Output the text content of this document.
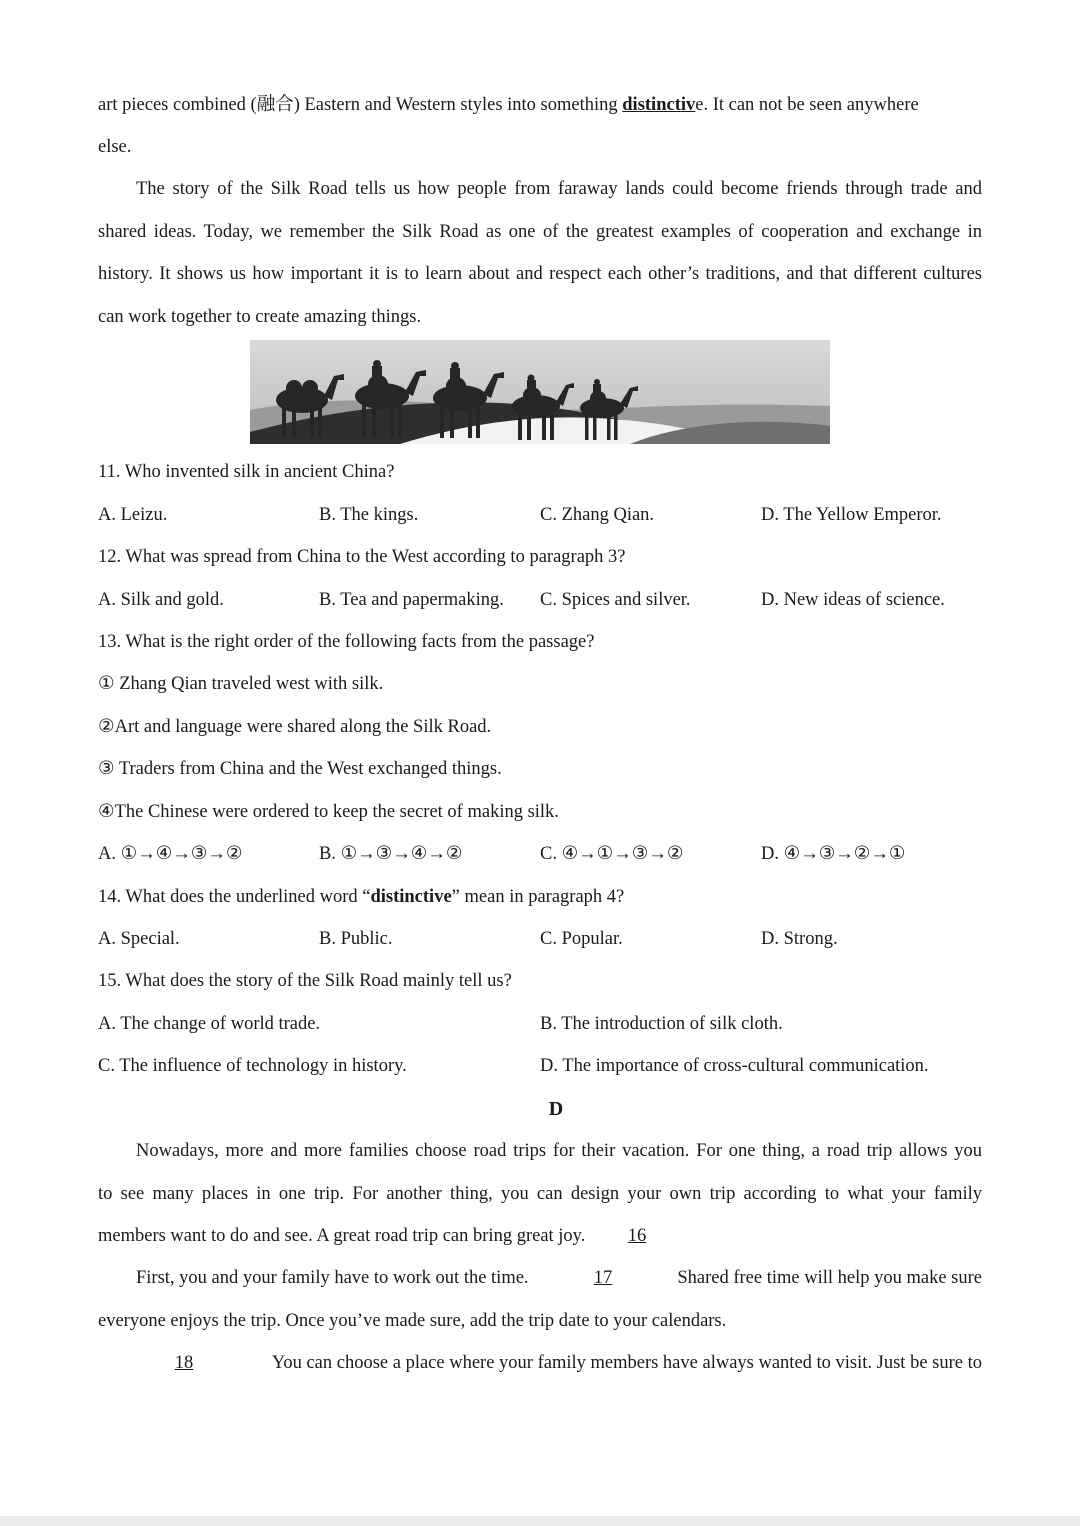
art pieces combined (融合) Eastern and Western styles into something distinctive. It can not be seen anywhere
else.
The story of the Silk Road tells us how people from faraway lands could become friends through trade and
shared ideas. Today, we remember the Silk Road as one of the greatest examples of cooperation and exchange in
history. It shows us how important it is to learn about and respect each other’s traditions, and that different cultures
can work together to create amazing things.
11. Who invented silk in ancient China?
A. Leizu.	B. The kings.	C. Zhang Qian.	D. The Yellow Emperor.
12. What was spread from China to the West according to paragraph 3?
A. Silk and gold.	B. Tea and papermaking. C. Spices and silver.	D. New ideas of science.
13. What is the right order of the following facts from the passage?
① Zhang Qian traveled west with silk.
②Art and language were shared along the Silk Road.
③ Traders from China and the West exchanged things.
④The Chinese were ordered to keep the secret of making silk.
A. ①→④→③→②	B. ①→③→④→②	C. ④→①→③→②	D. ④→③→②→①
14. What does the underlined word “distinctive” mean in paragraph 4?
A. Special.	B. Public.	C. Popular.	D. Strong.
15. What does the story of the Silk Road mainly tell us?
A. The change of world trade.	B. The introduction of silk cloth.
C. The influence of technology in history.	D. The importance of cross-cultural communication.
D
Nowadays, more and more families choose road trips for their vacation. For one thing, a road trip allows you
to see many places in one trip. For another thing, you can design your own trip according to what your family
members want to do and see. A great road trip can bring great joy. 16
First, you and your family have to work out the time.	17	Shared free time will help you make sure
everyone enjoys the trip. Once you’ve made sure, add the trip date to your calendars.
18	You can choose a place where your family members have always wanted to visit. Just be sure to
